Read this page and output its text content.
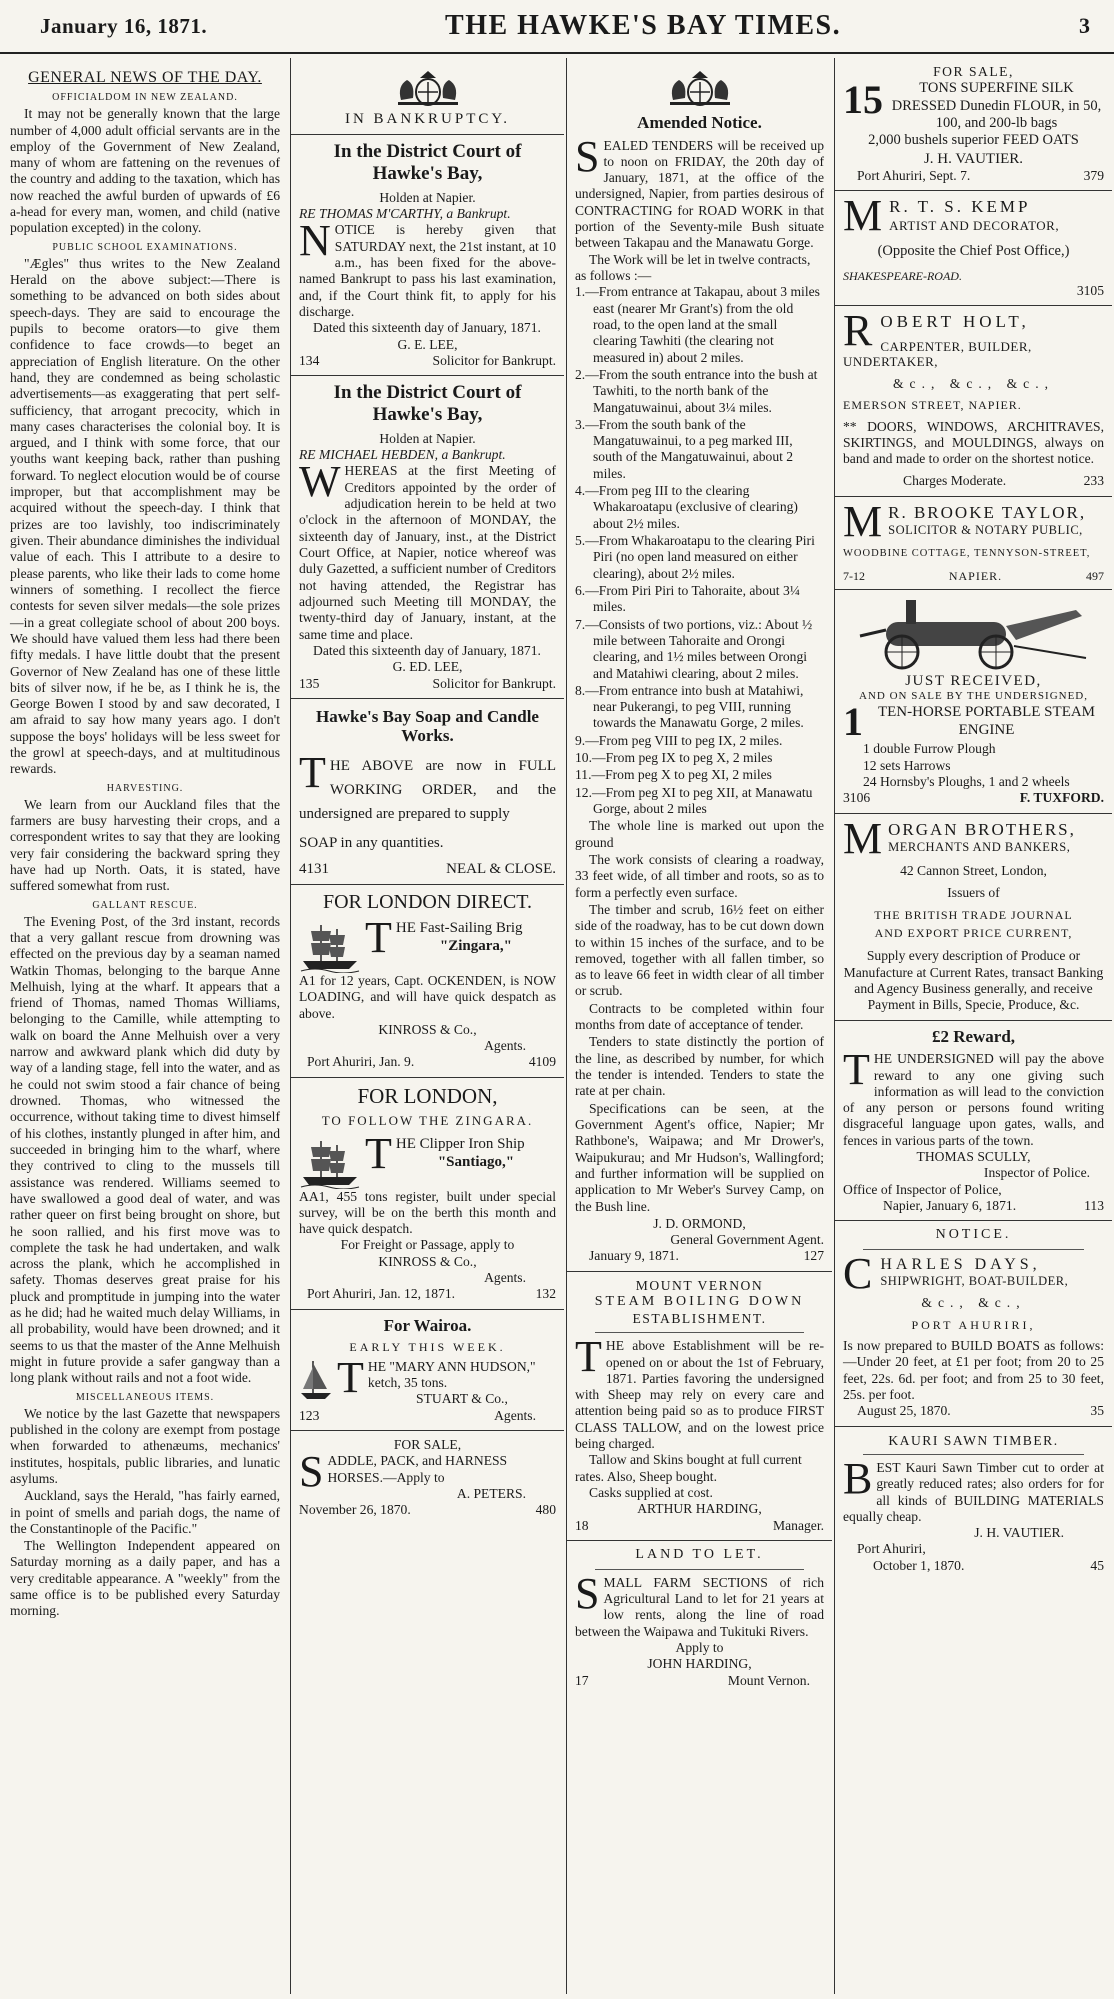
January 16, 1871.	THE HAWKE'S BAY TIMES.	3
GENERAL NEWS OF THE DAY.
OFFICIALDOM IN NEW ZEALAND.

It may not be generally known that the large number of 4,000 adult official servants are in the employ of the Government of New Zealand, many of whom are fattening on the revenues of the country and adding to the taxation, which has now reached the awful burden of upwards of £6 a-head for every man, women, and child (native population excepted) in the colony.

PUBLIC SCHOOL EXAMINATIONS.

"Ægles" thus writes to the New Zealand Herald on the above subject:—There is something to be advanced on both sides about speech-days. They are said to encourage the pupils to become orators—to give them confidence to face crowds—to beget an appreciation of English literature. On the other hand, they are condemned as being scholastic advertisements—as exaggerating that pert self-sufficiency, that arrogant precocity, which in many cases characterises the colonial boy. It is argued, and I think with some force, that our youths want keeping back, rather than pushing forward. To neglect elocution would be of course improper, but that accomplishment may be acquired without the speech-day. I think that prizes are too lavishly, too indiscriminately given. Their abundance diminishes the individual value of each. This I attribute to a desire to please parents, who like their lads to come home winners of something. I recollect the fierce contests for seven silver medals—the sole prizes—in a great collegiate school of about 200 boys. We should have valued them less had there been fifty medals. I have little doubt that the present Governor of New Zealand has one of these little bits of silver now, if he be, as I think he is, the George Bowen I stood by and saw decorated, I am afraid to say how many years ago. I don't suppose the boys' holidays will be less sweet for the growl at speech-days, and at multitudinous rewards.

HARVESTING.

We learn from our Auckland files that the farmers are busy harvesting their crops, and a correspondent writes to say that they are looking very fair considering the backward spring they have had up North. Oats, it is stated, have suffered somewhat from rust.

GALLANT RESCUE.

The Evening Post, of the 3rd instant, records that a very gallant rescue from drowning was effected on the previous day by a seaman named Watkin Thomas, belonging to the barque Anne Melhuish, lying at the wharf. It appears that a friend of Thomas, named Thomas Williams, belonging to the Camille, while attempting to walk on board the Anne Melhuish over a very narrow and awkward plank which did duty by way of a landing stage, fell into the water, and as he could not swim stood a fair chance of being drowned. Thomas, who witnessed the occurrence, without taking time to divest himself of his clothes, instantly plunged in after him, and succeeded in bringing him to the wharf, where they contrived to cling to the mussels till assistance was rendered. Williams seemed to have swallowed a good deal of water, and was rather queer on first being brought on shore, but he soon rallied, and his first move was to complete the task he had undertaken, and walk across the plank, which he accomplished in safety. Thomas deserves great praise for his pluck and promptitude in jumping into the water as he did; had he waited much delay Williams, in all probability, would have been drowned; and it seems to us that the master of the Anne Melhuish might in future provide a safer gangway than a long plank without rails and not a foot wide.

MISCELLANEOUS ITEMS.

We notice by the last Gazette that newspapers published in the colony are exempt from postage when forwarded to athenæums, mechanics' institutes, hospitals, public libraries, and lunatic asylums.

Auckland, says the Herald, "has fairly earned, in point of smells and pariah dogs, the name of the Constantinople of the Pacific."

The Wellington Independent appeared on Saturday morning as a daily paper, and has a very creditable appearance. A "weekly" from the same office is to be published every Saturday morning.

IN BANKRUPTCY.
In the District Court of Hawke's Bay,
Holden at Napier.

RE THOMAS M'CARTHY, a Bankrupt.

NOTICE is hereby given that SATURDAY next, the 21st instant, at 10 a.m., has been fixed for the above-named Bankrupt to pass his last examination, and, if the Court think fit, to apply for his discharge.

Dated this sixteenth day of January, 1871.

G. E. LEE,

134	Solicitor for Bankrupt.
In the District Court of Hawke's Bay,
Holden at Napier.

RE MICHAEL HEBDEN, a Bankrupt.

WHEREAS at the first Meeting of Creditors appointed by the order of adjudication herein to be held at two o'clock in the afternoon of MONDAY, the sixteenth day of January, inst., at the District Court Office, at Napier, notice whereof was duly Gazetted, a sufficient number of Creditors not having attended, the Registrar has adjourned such Meeting till MONDAY, the twenty-third day of January, instant, at the same time and place.

Dated this sixteenth day of January, 1871.

G. ED. LEE,

135	Solicitor for Bankrupt.
Hawke's Bay Soap and Candle Works.

THE ABOVE are now in FULL WORKING ORDER, and the undersigned are prepared to supply

SOAP in any quantities.

4131	NEAL & CLOSE.
FOR LONDON DIRECT.

THE Fast-Sailing Brig

"Zingara,"

A1 for 12 years, Capt. OCKENDEN, is NOW LOADING, and will have quick despatch as above.

KINROSS & Co.,

Agents.

Port Ahuriri, Jan. 9.	4109
FOR LONDON,
TO FOLLOW THE ZINGARA.

THE Clipper Iron Ship

"Santiago,"

AA1, 455 tons register, built under special survey, will be on the berth this month and have quick despatch.

For Freight or Passage, apply to

KINROSS & Co.,

Agents.

Port Ahuriri, Jan. 12, 1871.	132
For Wairoa.
EARLY THIS WEEK.

THE "MARY ANN HUDSON," ketch, 35 tons.

STUART & Co.,

123	Agents.
FOR SALE,

SADDLE, PACK, and HARNESS HORSES.—Apply to

A. PETERS.

November 26, 1870.	480
Amended Notice.

SEALED TENDERS will be received up to noon on FRIDAY, the 20th day of January, 1871, at the office of the undersigned, Napier, from parties desirous of CONTRACTING for ROAD WORK in that portion of the Seventy-mile Bush situate between Takapau and the Manawatu Gorge.

The Work will be let in twelve contracts, as follows :—

1.—From entrance at Takapau, about 3 miles east (nearer Mr Grant's) from the old road, to the open land at the small clearing Tawhiti (the clearing not measured in) about 2 miles.

2.—From the south entrance into the bush at Tawhiti, to the north bank of the Mangatuwainui, about 3¼ miles.

3.—From the south bank of the Mangatuwainui, to a peg marked III, south of the Mangatuwainui, about 2 miles.

4.—From peg III to the clearing Whakaroatapu (exclusive of clearing) about 2½ miles.

5.—From Whakaroatapu to the clearing Piri Piri (no open land measured on either clearing), about 2½ miles.

6.—From Piri Piri to Tahoraite, about 3¼ miles.

7.—Consists of two portions, viz.: About ½ mile between Tahoraite and Orongi clearing, and 1½ miles between Orongi and Matahiwi clearing, about 2 miles.

8.—From entrance into bush at Matahiwi, near Pukerangi, to peg VIII, running towards the Manawatu Gorge, 2 miles.

9.—From peg VIII to peg IX, 2 miles.

10.—From peg IX to peg X, 2 miles

11.—From peg X to peg XI, 2 miles

12.—From peg XI to peg XII, at Manawatu Gorge, about 2 miles

The whole line is marked out upon the ground

The work consists of clearing a roadway, 33 feet wide, of all timber and roots, so as to form a perfectly even surface.

The timber and scrub, 16½ feet on either side of the roadway, has to be cut down down to within 15 inches of the surface, and to be removed, together with all fallen timber, so as to leave 66 feet in width clear of all timber or scrub.

Contracts to be completed within four months from date of acceptance of tender.

Tenders to state distinctly the portion of the line, as described by number, for which the tender is intended. Tenders to state the rate at per chain.

Specifications can be seen, at the Government Agent's office, Napier; Mr Rathbone's, Waipawa; and Mr Drower's, Waipukurau; and Mr Hudson's, Wallingford; and further information will be supplied on application to Mr Weber's Survey Camp, on the Bush line.

J. D. ORMOND,

General Government Agent.

January 9, 1871.	127
MOUNT VERNON
STEAM BOILING DOWN
ESTABLISHMENT.

THE above Establishment will be re-opened on or about the 1st of February, 1871. Parties favoring the undersigned with Sheep may rely on every care and attention being paid so as to produce FIRST CLASS TALLOW, and on the lowest price being charged.

Tallow and Skins bought at full current rates. Also, Sheep bought.

Casks supplied at cost.

ARTHUR HARDING,

18	Manager.
LAND TO LET.

SMALL FARM SECTIONS of rich Agricultural Land to let for 21 years at low rents, along the line of road between the Waipawa and Tukituki Rivers.

Apply to

JOHN HARDING,

17	Mount Vernon.
FOR SALE,
15	TONS SUPERFINE SILK DRESSED Dunedin FLOUR, in 50, 100, and 200-lb bags

2,000 bushels superior FEED OATS

J. H. VAUTIER.

Port Ahuriri, Sept. 7.	379

M R. T. S. KEMP

ARTIST AND DECORATOR,

(Opposite the Chief Post Office,)

SHAKESPEARE-ROAD.

3105

ROBERT HOLT,

CARPENTER, BUILDER, UNDERTAKER,

&c., &c., &c.,

EMERSON STREET, NAPIER.

** DOORS, WINDOWS, ARCHITRAVES, SKIRTINGS, and MOULDINGS, always on band and made to order on the shortest notice.

Charges Moderate.	233

M R. BROOKE TAYLOR,

SOLICITOR & NOTARY PUBLIC,

WOODBINE COTTAGE, TENNYSON-STREET,

7-12	NAPIER.	497
JUST RECEIVED,
AND ON SALE BY THE UNDERSIGNED,
1 TEN-HORSE PORTABLE STEAM ENGINE

1 double Furrow Plough

12 sets Harrows

24 Hornsby's Ploughs, 1 and 2 wheels

3106	F. TUXFORD.

MORGAN BROTHERS,

MERCHANTS AND BANKERS,

42 Cannon Street, London,

Issuers of

THE BRITISH TRADE JOURNAL

AND EXPORT PRICE CURRENT,

Supply every description of Produce or Manufacture at Current Rates, transact Banking and Agency Business generally, and receive Payment in Bills, Specie, Produce, &c.

£2 Reward,

THE UNDERSIGNED will pay the above reward to any one giving such information as will lead to the conviction of any person or persons found writing disgraceful language upon gates, walls, and fences in various parts of the town.

THOMAS SCULLY,

Inspector of Police.

Office of Inspector of Police,

Napier, January 6, 1871.	113
NOTICE.

CHARLES DAYS,

SHIPWRIGHT, BOAT-BUILDER,

&c., &c.,

PORT AHURIRI,

Is now prepared to BUILD BOATS as follows:—Under 20 feet, at £1 per foot; from 20 to 25 feet, 22s. 6d. per foot; and from 25 to 30 feet, 25s. per foot.

August 25, 1870.	35
KAURI SAWN TIMBER.

BEST Kauri Sawn Timber cut to order at greatly reduced rates; also orders for for all kinds of BUILDING MATERIALS equally cheap.

J. H. VAUTIER.

Port Ahuriri,

October 1, 1870.	45
